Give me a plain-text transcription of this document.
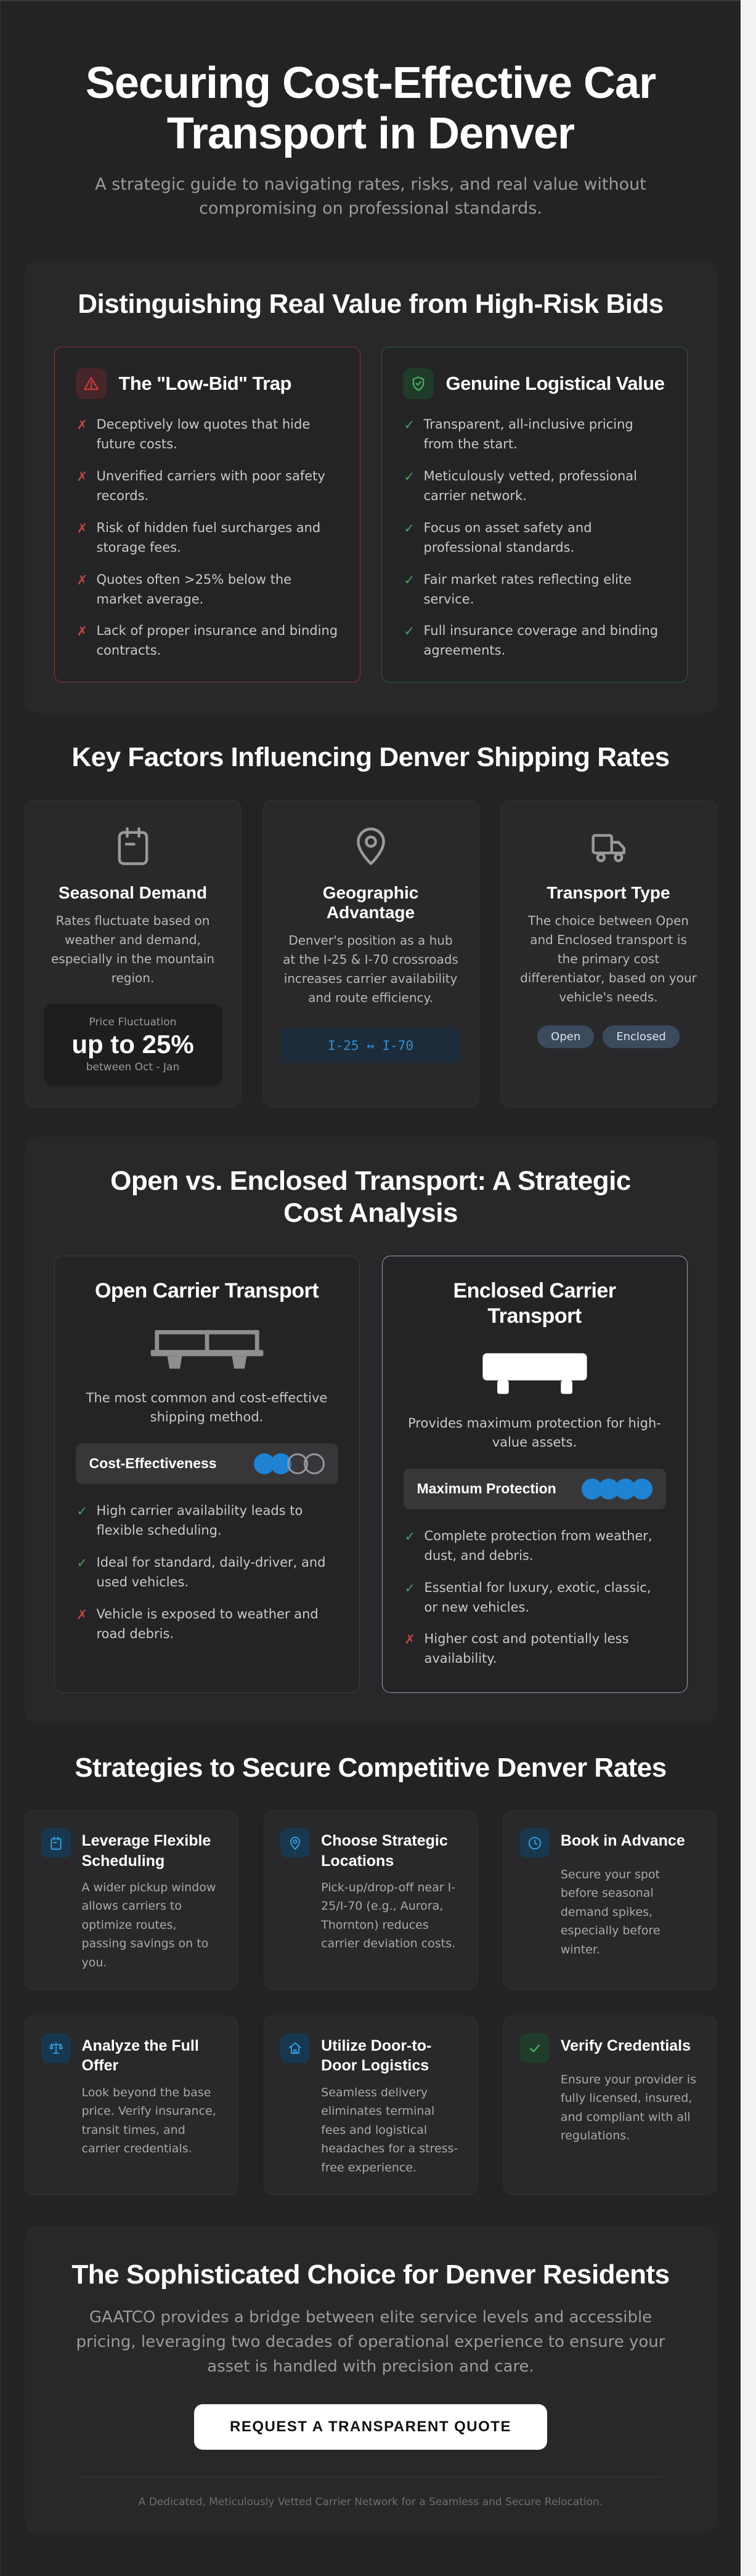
Securing Cost-Effective Car Transport in Denver

A strategic guide to navigating rates, risks, and real value without compromising on professional standards.

Distinguishing Real Value from High-Risk Bids
The "Low-Bid" Trap
✗ Deceptively low quotes that hide future costs.
✗ Unverified carriers with poor safety records.
✗ Risk of hidden fuel surcharges and storage fees.
✗ Quotes often >25% below the market average.
✗ Lack of proper insurance and binding contracts.
Genuine Logistical Value
✓ Transparent, all-inclusive pricing from the start.
✓ Meticulously vetted, professional carrier network.
✓ Focus on asset safety and professional standards.
✓ Fair market rates reflecting elite service.
✓ Full insurance coverage and binding agreements.
Key Factors Influencing Denver Shipping Rates
Seasonal Demand
Rates fluctuate based on weather and demand, especially in the mountain region.
Price Fluctuation
up to 25%
between Oct - Jan
Geographic Advantage
Denver's position as a hub at the I-25 & I-70 crossroads increases carrier availability and route efficiency.
I-25 ↔ I-70
Transport Type
The choice between Open and Enclosed transport is the primary cost differentiator, based on your vehicle's needs.
Open	Enclosed
Open vs. Enclosed Transport: A Strategic Cost Analysis
Open Carrier Transport
The most common and cost-effective shipping method.
Cost-Effectiveness
✓ High carrier availability leads to flexible scheduling.
✓ Ideal for standard, daily-driver, and used vehicles.
✗ Vehicle is exposed to weather and road debris.
Enclosed Carrier Transport
Provides maximum protection for high-value assets.
Maximum Protection
✓ Complete protection from weather, dust, and debris.
✓ Essential for luxury, exotic, classic, or new vehicles.
✗ Higher cost and potentially less availability.
Strategies to Secure Competitive Denver Rates
Leverage Flexible Scheduling
A wider pickup window allows carriers to optimize routes, passing savings on to you.
Choose Strategic Locations
Pick-up/drop-off near I-25/I-70 (e.g., Aurora, Thornton) reduces carrier deviation costs.
Book in Advance
Secure your spot before seasonal demand spikes, especially before winter.
Analyze the Full Offer
Look beyond the base price. Verify insurance, transit times, and carrier credentials.
Utilize Door-to-Door Logistics
Seamless delivery eliminates terminal fees and logistical headaches for a stress-free experience.
Verify Credentials
Ensure your provider is fully licensed, insured, and compliant with all regulations.
The Sophisticated Choice for Denver Residents

GAATCO provides a bridge between elite service levels and accessible pricing, leveraging two decades of operational experience to ensure your asset is handled with precision and care.

REQUEST A TRANSPARENT QUOTE

A Dedicated, Meticulously Vetted Carrier Network for a Seamless and Secure Relocation.
